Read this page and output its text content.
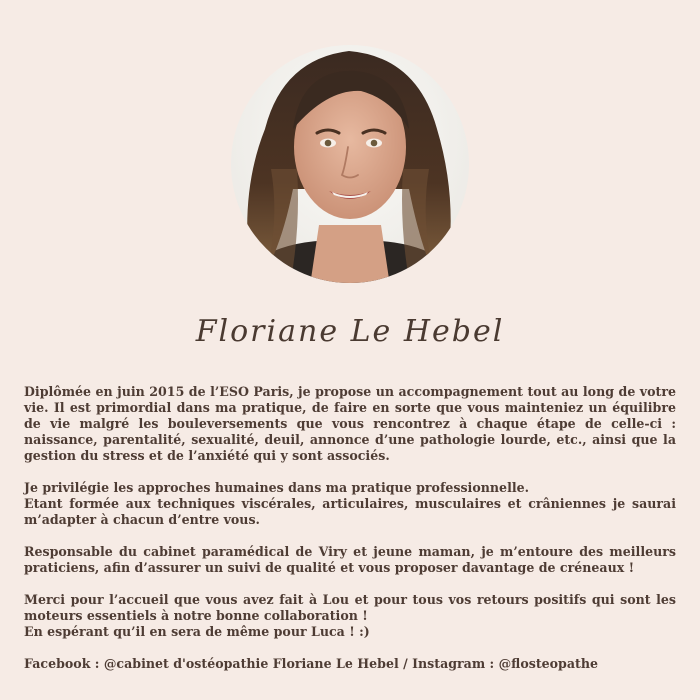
Floriane Le Hebel

Diplômée en juin 2015 de l’ESO Paris, je propose un accompagnement tout au long de votre vie. Il est primordial dans ma pratique, de faire en sorte que vous mainteniez un équilibre de vie malgré les bouleversements que vous rencontrez à chaque étape de celle-ci : naissance, parentalité, sexualité, deuil, annonce d’une pathologie lourde, etc., ainsi que la gestion du stress et de l’anxiété qui y sont associés.

Je privilégie les approches humaines dans ma pratique professionnelle.
Etant formée aux techniques viscérales, articulaires, musculaires et crâniennes je saurai m’adapter à chacun d’entre vous.

Responsable du cabinet paramédical de Viry et jeune maman, je m’entoure des meilleurs praticiens, afin d’assurer un suivi de qualité et vous proposer davantage de créneaux !

Merci pour l’accueil que vous avez fait à Lou et pour tous vos retours positifs qui sont les moteurs essentiels à notre bonne collaboration !
En espérant qu’il en sera de même pour Luca ! :)

Facebook : @cabinet d'ostéopathie Floriane Le Hebel / Instagram : @flosteopathe
